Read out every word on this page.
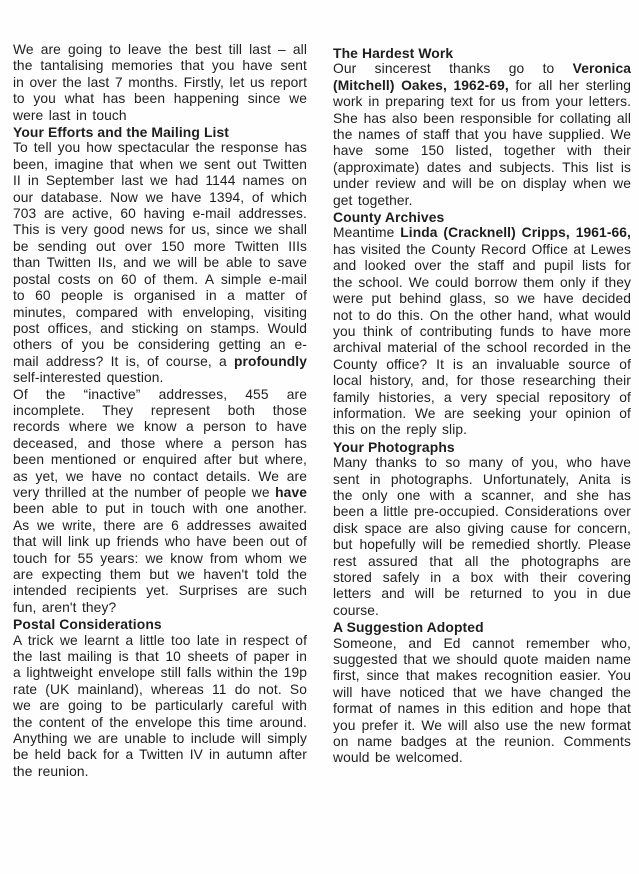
We are going to leave the best till last – all the tantalising memories that you have sent in over the last 7 months. Firstly, let us report to you what has been happening since we were last in touch

Your Efforts and the Mailing List

To tell you how spectacular the response has been, imagine that when we sent out Twitten II in September last we had 1144 names on our database. Now we have 1394, of which 703 are active, 60 having e-mail addresses. This is very good news for us, since we shall be sending out over 150 more Twitten IIIs than Twitten IIs, and we will be able to save postal costs on 60 of them. A simple e-mail to 60 people is organised in a matter of minutes, compared with enveloping, visiting post offices, and sticking on stamps. Would others of you be considering getting an e-mail address? It is, of course, a profoundly self-interested question.

Of the “inactive” addresses, 455 are incomplete. They represent both those records where we know a person to have deceased, and those where a person has been mentioned or enquired after but where, as yet, we have no contact details. We are very thrilled at the number of people we have been able to put in touch with one another. As we write, there are 6 addresses awaited that will link up friends who have been out of touch for 55 years: we know from whom we are expecting them but we haven't told the intended recipients yet. Surprises are such fun, aren't they?

Postal Considerations

A trick we learnt a little too late in respect of the last mailing is that 10 sheets of paper in a lightweight envelope still falls within the 19p rate (UK mainland), whereas 11 do not. So we are going to be particularly careful with the content of the envelope this time around. Anything we are unable to include will simply be held back for a Twitten IV in autumn after the reunion.

The Hardest Work

Our sincerest thanks go to Veronica (Mitchell) Oakes, 1962-69, for all her sterling work in preparing text for us from your letters. She has also been responsible for collating all the names of staff that you have supplied. We have some 150 listed, together with their (approximate) dates and subjects. This list is under review and will be on display when we get together.

County Archives

Meantime Linda (Cracknell) Cripps, 1961-66, has visited the County Record Office at Lewes and looked over the staff and pupil lists for the school. We could borrow them only if they were put behind glass, so we have decided not to do this. On the other hand, what would you think of contributing funds to have more archival material of the school recorded in the County office? It is an invaluable source of local history, and, for those researching their family histories, a very special repository of information. We are seeking your opinion of this on the reply slip.

Your Photographs

Many thanks to so many of you, who have sent in photographs. Unfortunately, Anita is the only one with a scanner, and she has been a little pre-occupied. Considerations over disk space are also giving cause for concern, but hopefully will be remedied shortly. Please rest assured that all the photographs are stored safely in a box with their covering letters and will be returned to you in due course.

A Suggestion Adopted

Someone, and Ed cannot remember who, suggested that we should quote maiden name first, since that makes recognition easier. You will have noticed that we have changed the format of names in this edition and hope that you prefer it. We will also use the new format on name badges at the reunion. Comments would be welcomed.
